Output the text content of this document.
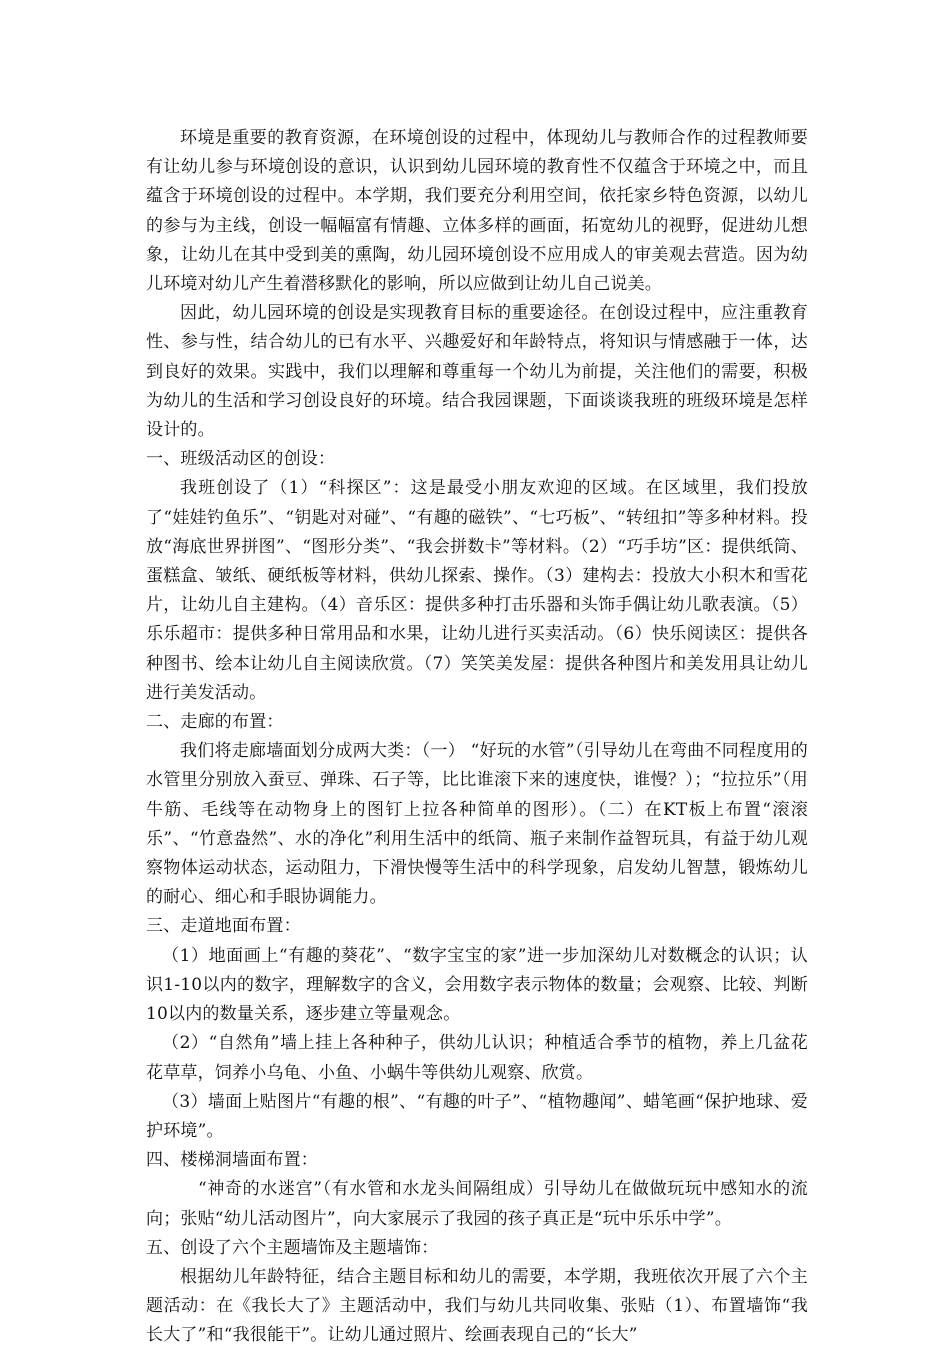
环境是重要的教育资源，在环境创设的过程中，体现幼儿与教师合作的过程教师要有让幼儿参与环境创设的意识，认识到幼儿园环境的教育性不仅蕴含于环境之中，而且蕴含于环境创设的过程中。本学期，我们要充分利用空间，依托家乡特色资源，以幼儿的参与为主线，创设一幅幅富有情趣、立体多样的画面，拓宽幼儿的视野，促进幼儿想象，让幼儿在其中受到美的熏陶，幼儿园环境创设不应用成人的审美观去营造。因为幼儿环境对幼儿产生着潜移默化的影响，所以应做到让幼儿自己说美。

因此，幼儿园环境的创设是实现教育目标的重要途径。在创设过程中，应注重教育性、参与性，结合幼儿的已有水平、兴趣爱好和年龄特点，将知识与情感融于一体，达到良好的效果。实践中，我们以理解和尊重每一个幼儿为前提，关注他们的需要，积极为幼儿的生活和学习创设良好的环境。结合我园课题，下面谈谈我班的班级环境是怎样设计的。

一、班级活动区的创设：

我班创设了（1）“科探区”：这是最受小朋友欢迎的区域。在区域里，我们投放了“娃娃钓鱼乐”、“钥匙对对碰”、“有趣的磁铁”、“七巧板”、“转纽扣”等多种材料。投放“海底世界拼图”、“图形分类”、“我会拼数卡”等材料。（2）“巧手坊”区：提供纸筒、蛋糕盒、皱纸、硬纸板等材料，供幼儿探索、操作。（3）建构去：投放大小积木和雪花片，让幼儿自主建构。（4）音乐区：提供多种打击乐器和头饰手偶让幼儿歌表演。（5）乐乐超市：提供多种日常用品和水果，让幼儿进行买卖活动。（6）快乐阅读区：提供各种图书、绘本让幼儿自主阅读欣赏。（7）笑笑美发屋：提供各种图片和美发用具让幼儿进行美发活动。

二、走廊的布置：

我们将走廊墙面划分成两大类：（一） “好玩的水管”（引导幼儿在弯曲不同程度用的水管里分别放入蚕豆、弹珠、石子等，比比谁滚下来的速度快，谁慢？）；“拉拉乐”（用牛筋、毛线等在动物身上的图钉上拉各种简单的图形）。（二）在KT板上布置“滚滚乐”、“竹意盎然”、水的净化”利用生活中的纸筒、瓶子来制作益智玩具，有益于幼儿观察物体运动状态，运动阻力，下滑快慢等生活中的科学现象，启发幼儿智慧，锻炼幼儿的耐心、细心和手眼协调能力。

三、走道地面布置：

（1）地面画上“有趣的葵花”、“数字宝宝的家”进一步加深幼儿对数概念的认识；认识1-10以内的数字，理解数字的含义，会用数字表示物体的数量；会观察、比较、判断10以内的数量关系，逐步建立等量观念。

（2）“自然角”墙上挂上各种种子，供幼儿认识；种植适合季节的植物，养上几盆花花草草，饲养小乌龟、小鱼、小蜗牛等供幼儿观察、欣赏。

（3）墙面上贴图片“有趣的根”、“有趣的叶子”、“植物趣闻”、蜡笔画“保护地球、爱护环境”。

四、楼梯洞墙面布置：

“神奇的水迷宫”（有水管和水龙头间隔组成）引导幼儿在做做玩玩中感知水的流向；张贴“幼儿活动图片”，向大家展示了我园的孩子真正是“玩中乐乐中学”。

五、创设了六个主题墙饰及主题墙饰：

根据幼儿年龄特征，结合主题目标和幼儿的需要，本学期，我班依次开展了六个主题活动：在《我长大了》主题活动中，我们与幼儿共同收集、张贴（1）、布置墙饰“我长大了”和“我很能干”。让幼儿通过照片、绘画表现自己的“长大”
